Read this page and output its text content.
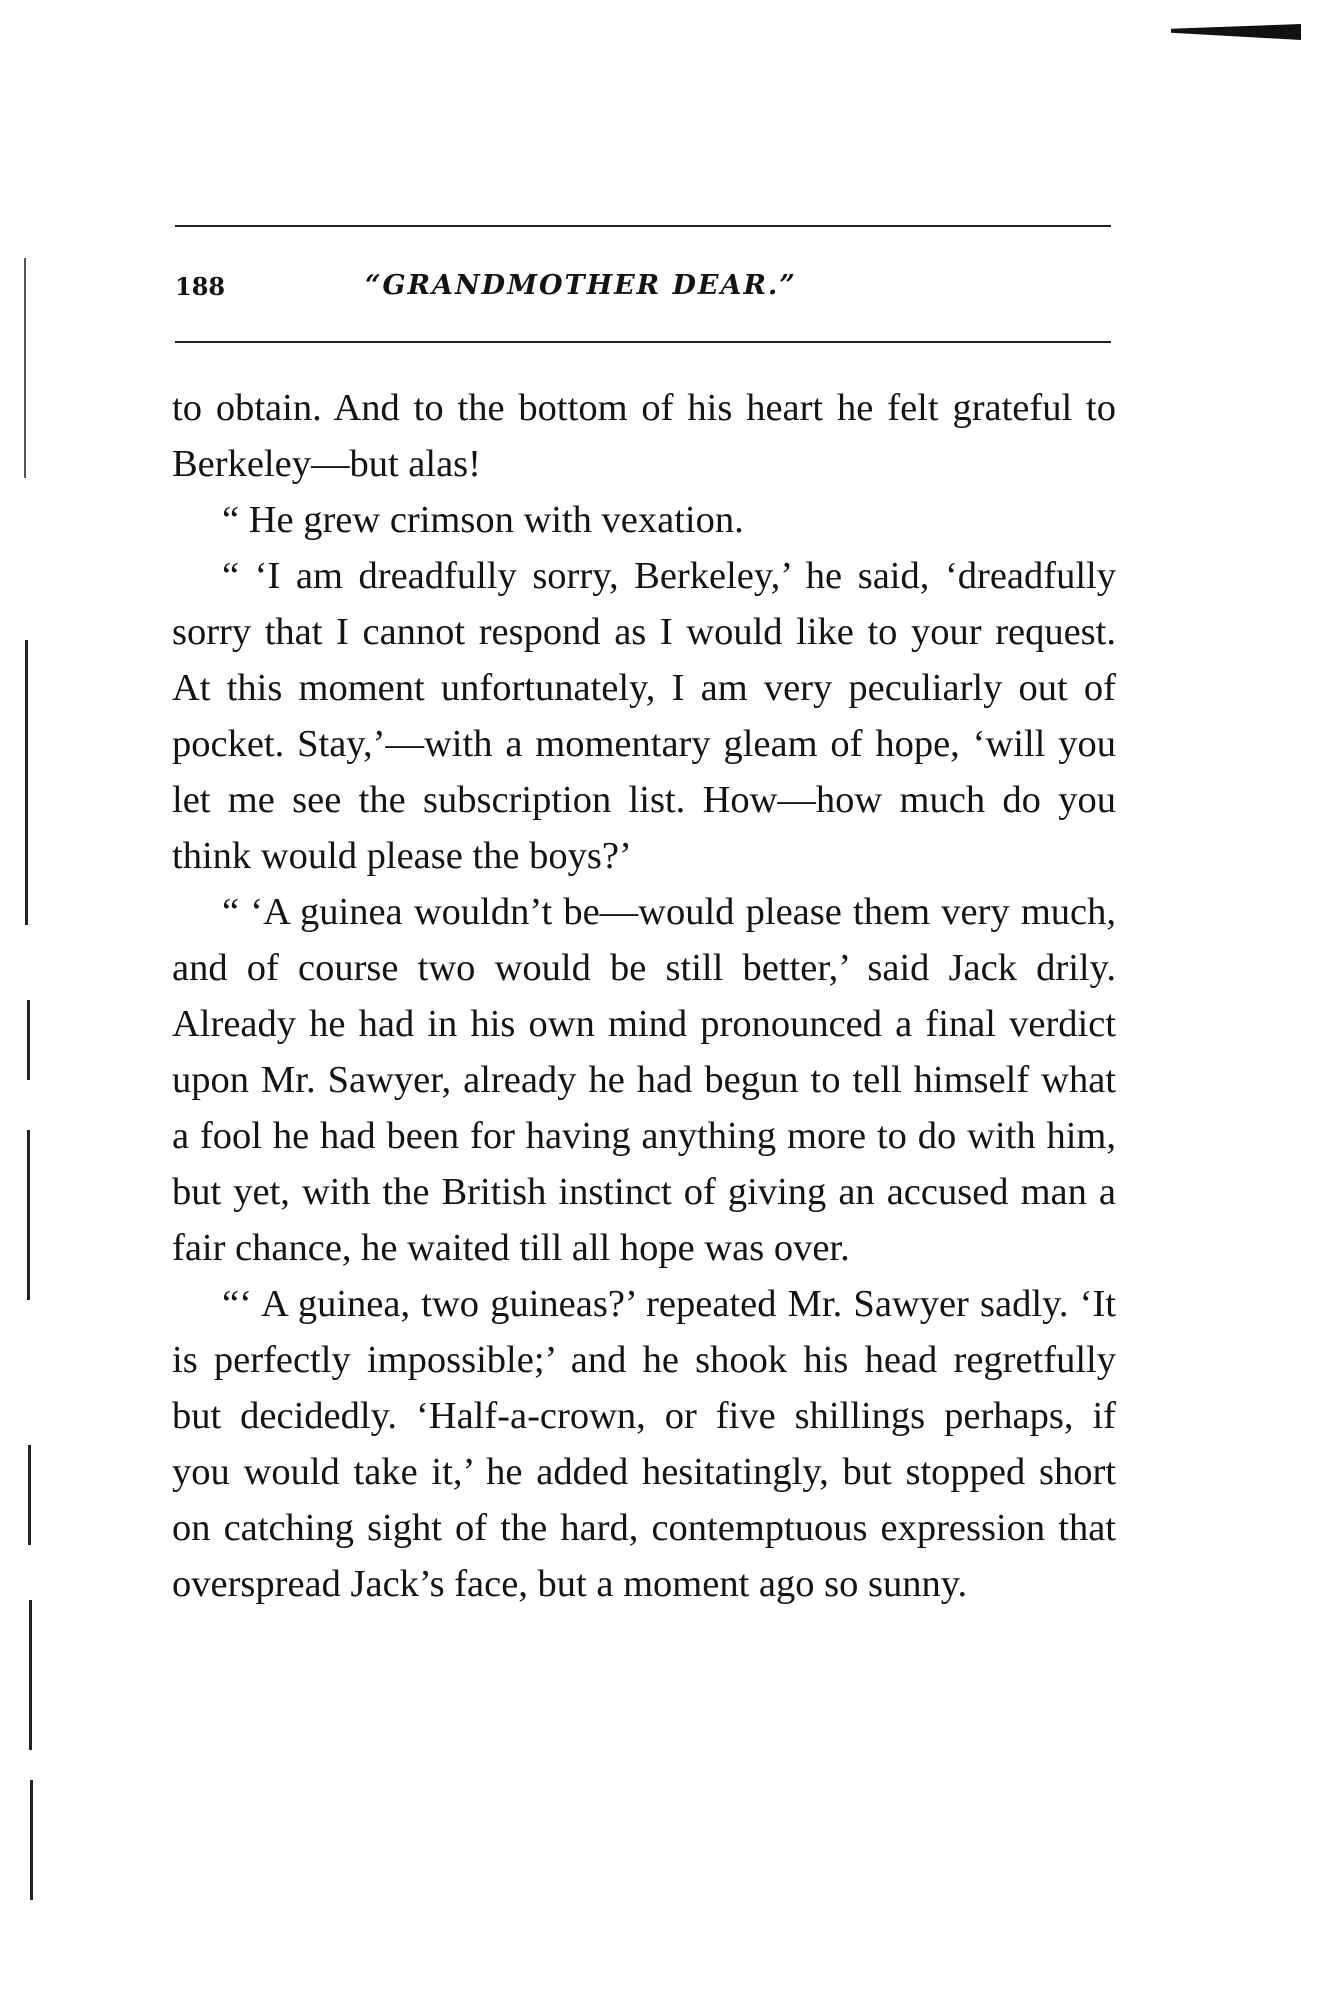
188	“GRANDMOTHER DEAR.”

to obtain. And to the bottom of his heart he felt grateful to Berkeley—but alas!

“ He grew crimson with vexation.

“ ‘I am dreadfully sorry, Berkeley,’ he said, ‘dreadfully sorry that I cannot respond as I would like to your request. At this moment unfortunately, I am very peculiarly out of pocket. Stay,’—with a momentary gleam of hope, ‘will you let me see the subscription list. How—how much do you think would please the boys?’

“ ‘A guinea wouldn’t be—would please them very much, and of course two would be still better,’ said Jack drily. Already he had in his own mind pronounced a final verdict upon Mr. Sawyer, already he had begun to tell himself what a fool he had been for having anything more to do with him, but yet, with the British instinct of giving an accused man a fair chance, he waited till all hope was over.

“‘ A guinea, two guineas?’ repeated Mr. Sawyer sadly. ‘It is perfectly impossible;’ and he shook his head regretfully but decidedly. ‘Half-a-crown, or five shillings perhaps, if you would take it,’ he added hesitatingly, but stopped short on catching sight of the hard, contemptuous expression that overspread Jack’s face, but a moment ago so sunny.
